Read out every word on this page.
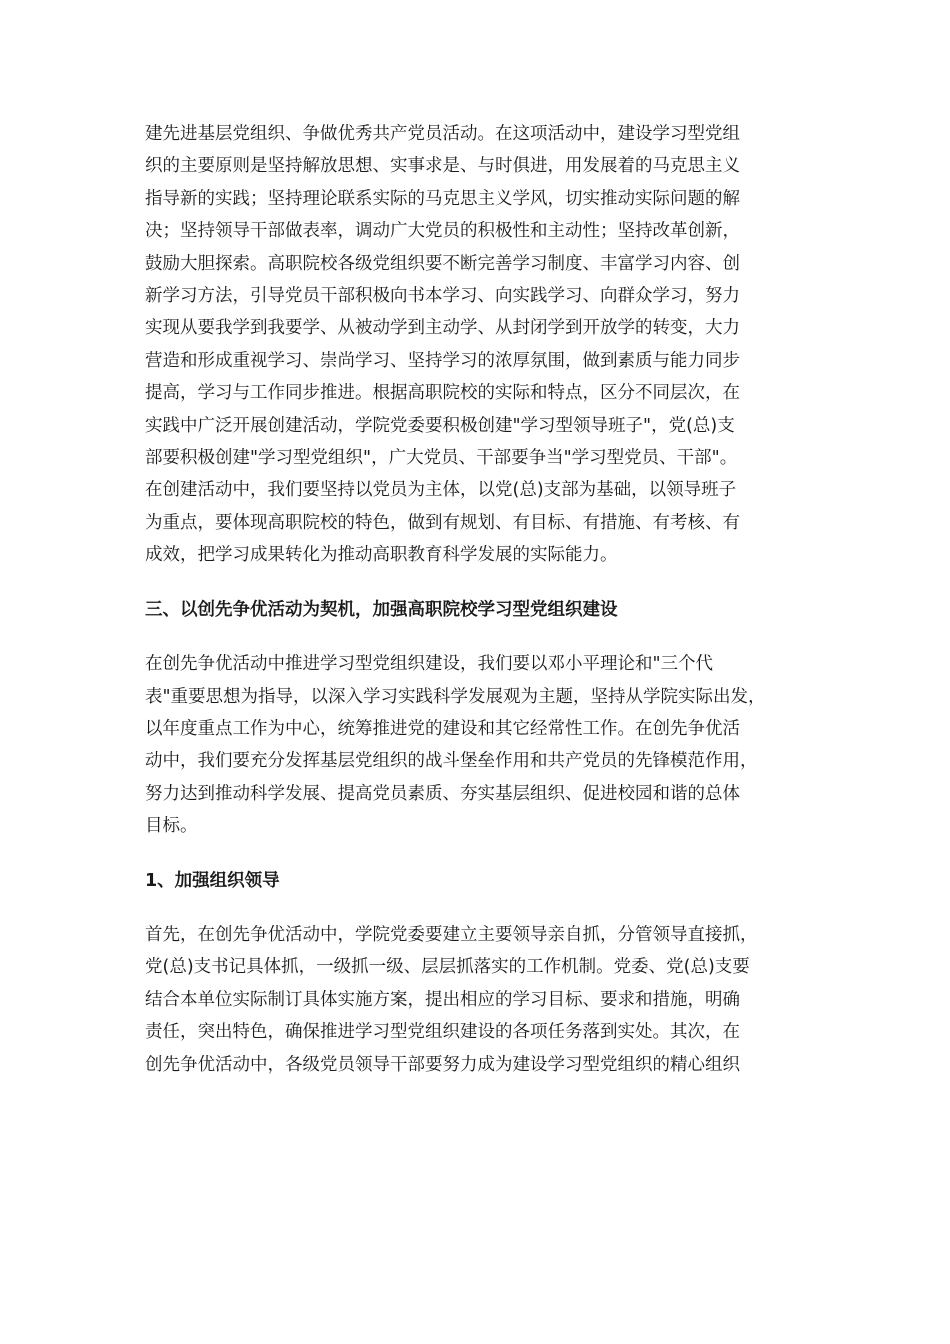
建先进基层党组织、争做优秀共产党员活动。在这项活动中，建设学习型党组
织的主要原则是坚持解放思想、实事求是、与时俱进，用发展着的马克思主义
指导新的实践；坚持理论联系实际的马克思主义学风，切实推动实际问题的解
决；坚持领导干部做表率，调动广大党员的积极性和主动性；坚持改革创新，
鼓励大胆探索。高职院校各级党组织要不断完善学习制度、丰富学习内容、创
新学习方法，引导党员干部积极向书本学习、向实践学习、向群众学习，努力
实现从要我学到我要学、从被动学到主动学、从封闭学到开放学的转变，大力
营造和形成重视学习、崇尚学习、坚持学习的浓厚氛围，做到素质与能力同步
提高，学习与工作同步推进。根据高职院校的实际和特点，区分不同层次，在
实践中广泛开展创建活动，学院党委要积极创建"学习型领导班子"，党(总)支
部要积极创建"学习型党组织"，广大党员、干部要争当"学习型党员、干部"。
在创建活动中，我们要坚持以党员为主体，以党(总)支部为基础，以领导班子
为重点，要体现高职院校的特色，做到有规划、有目标、有措施、有考核、有
成效，把学习成果转化为推动高职教育科学发展的实际能力。

三、以创先争优活动为契机，加强高职院校学习型党组织建设

在创先争优活动中推进学习型党组织建设，我们要以邓小平理论和"三个代
表"重要思想为指导，以深入学习实践科学发展观为主题，坚持从学院实际出发，
以年度重点工作为中心，统筹推进党的建设和其它经常性工作。在创先争优活
动中，我们要充分发挥基层党组织的战斗堡垒作用和共产党员的先锋模范作用，
努力达到推动科学发展、提高党员素质、夯实基层组织、促进校园和谐的总体
目标。

1、加强组织领导

首先，在创先争优活动中，学院党委要建立主要领导亲自抓，分管领导直接抓，
党(总)支书记具体抓，一级抓一级、层层抓落实的工作机制。党委、党(总)支要
结合本单位实际制订具体实施方案，提出相应的学习目标、要求和措施，明确
责任，突出特色，确保推进学习型党组织建设的各项任务落到实处。其次，在
创先争优活动中，各级党员领导干部要努力成为建设学习型党组织的精心组织
